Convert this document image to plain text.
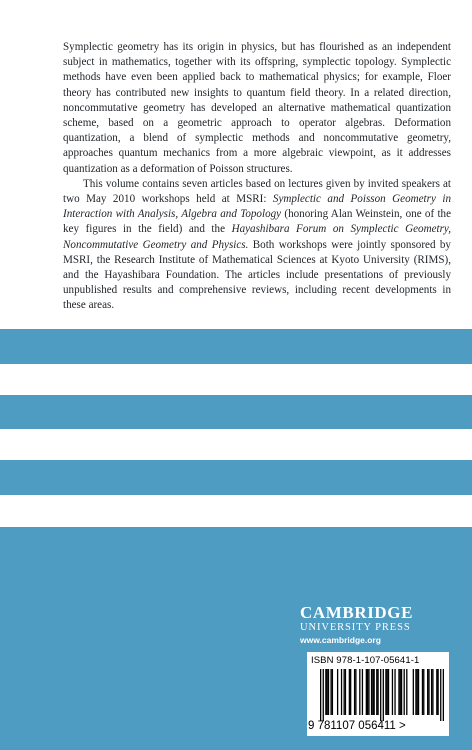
Symplectic geometry has its origin in physics, but has flourished as an independent subject in mathematics, together with its offspring, symplectic topology. Symplectic methods have even been applied back to mathematical physics; for example, Floer theory has contributed new insights to quantum field theory. In a related direction, noncommutative geometry has developed an alternative mathematical quantization scheme, based on a geometric approach to operator algebras. Deformation quantization, a blend of symplectic methods and noncommutative geometry, approaches quantum mechanics from a more algebraic viewpoint, as it addresses quantization as a deformation of Poisson structures.

This volume contains seven articles based on lectures given by invited speakers at two May 2010 workshops held at MSRI: Symplectic and Poisson Geometry in Interaction with Analysis, Algebra and Topology (honoring Alan Weinstein, one of the key figures in the field) and the Hayashibara Forum on Symplectic Geometry, Noncommutative Geometry and Physics. Both workshops were jointly sponsored by MSRI, the Research Institute of Mathematical Sciences at Kyoto University (RIMS), and the Hayashibara Foundation. The articles include presentations of previously unpublished results and comprehensive reviews, including recent developments in these areas.

CAMBRIDGE
UNIVERSITY PRESS
www.cambridge.org
ISBN 978-1-107-05641-1
9 781107 056411 >
